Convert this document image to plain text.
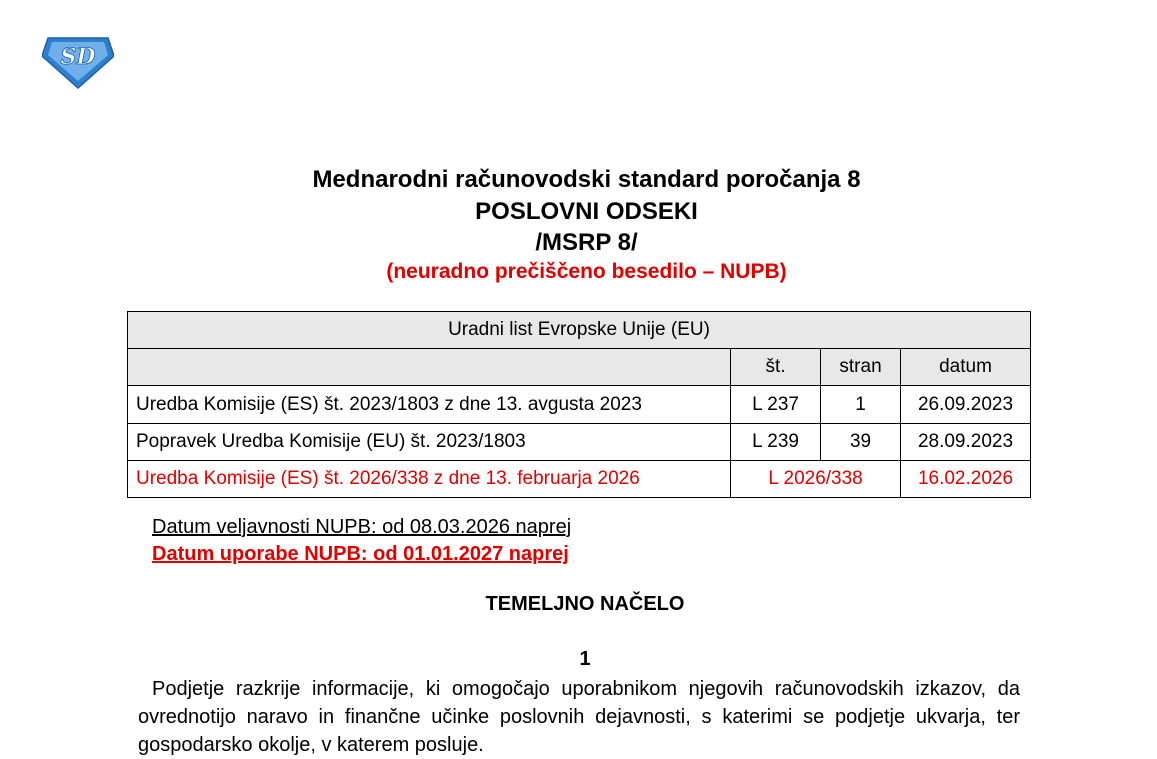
SD
Mednarodni računovodski standard poročanja 8
POSLOVNI ODSEKI
/MSRP 8/
(neuradno prečiščeno besedilo – NUPB)
Uradni list Evropske Unije (EU)			
	št.	stran	datum
Uredba Komisije (ES) št. 2023/1803 z dne 13. avgusta 2023	L 237	1	26.09.2023
Popravek Uredba Komisije (EU) št. 2023/1803	L 239	39	28.09.2023
Uredba Komisije (ES) št. 2026/338 z dne 13. februarja 2026	L 2026/338		16.02.2026
Datum veljavnosti NUPB: od 08.03.2026 naprej
Datum uporabe NUPB: od 01.01.2027 naprej
TEMELJNO NAČELO
1
Podjetje razkrije informacije, ki omogočajo uporabnikom njegovih računovodskih izkazov, da ovrednotijo naravo in finančne učinke poslovnih dejavnosti, s katerimi se podjetje ukvarja, ter gospodarsko okolje, v katerem posluje.
